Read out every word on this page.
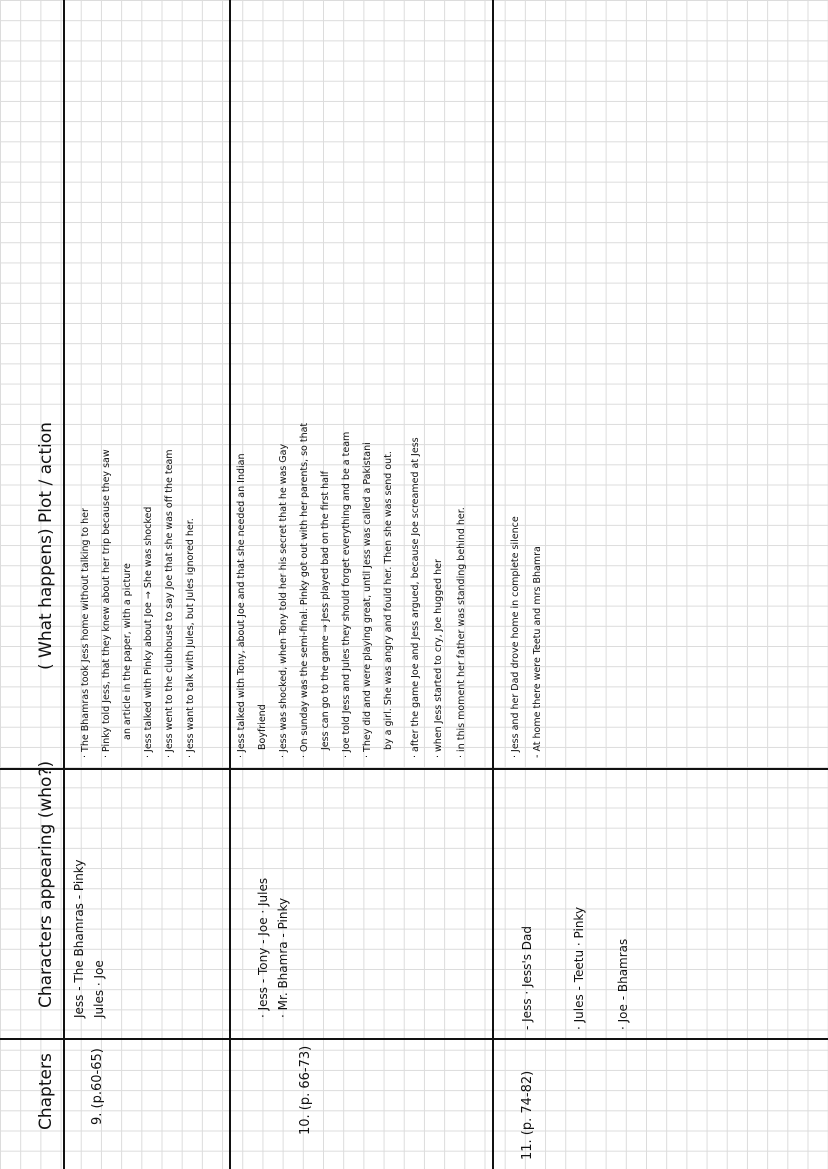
Chapters
Characters appearing (who?)
( What happens) Plot / action
9. (p.60-65)
Jess - The Bhamras - Pinky Jules · Joe
· The Bhamras took Jess home without talking to her · Pinky told Jess, that they knew about her trip because they saw an article in the paper, with a picture · Jess talked with Pinky about Joe → She was shocked · Jess went to the clubhouse to say Joe that she was off the team · Jess want to talk with Jules, but Jules ignored her.
10. (p. 66-73)
· Jess - Tony - Joe · Jules · Mr. Bhamra - Pinky
· Jess talked with Tony, about Joe and that she needed an Indian Boyfriend · Jess was shocked, when Tony told her his secret that he was Gay · On sunday was the semi-final. Pinky got out with her parents, so that Jess can go to the game → Jess played bad on the first half · Joe told Jess and Jules they should forget everything and be a team · They did and were playing great, until Jess was called a Pakistani by a girl. She was angry and fould her. Then she was send out. · after the game Joe and Jess argued, because Joe screamed at Jess · when Jess started to cry, Joe hugged her · in this moment her father was standing behind her.
11. (p. 74-82)
- Jess · Jess's Dad	· Jules - Teetu · Pinky	· Joe - Bhamras
· Jess and her Dad drove home in complete silence - At home there were Teetu and mrs Bhamra
